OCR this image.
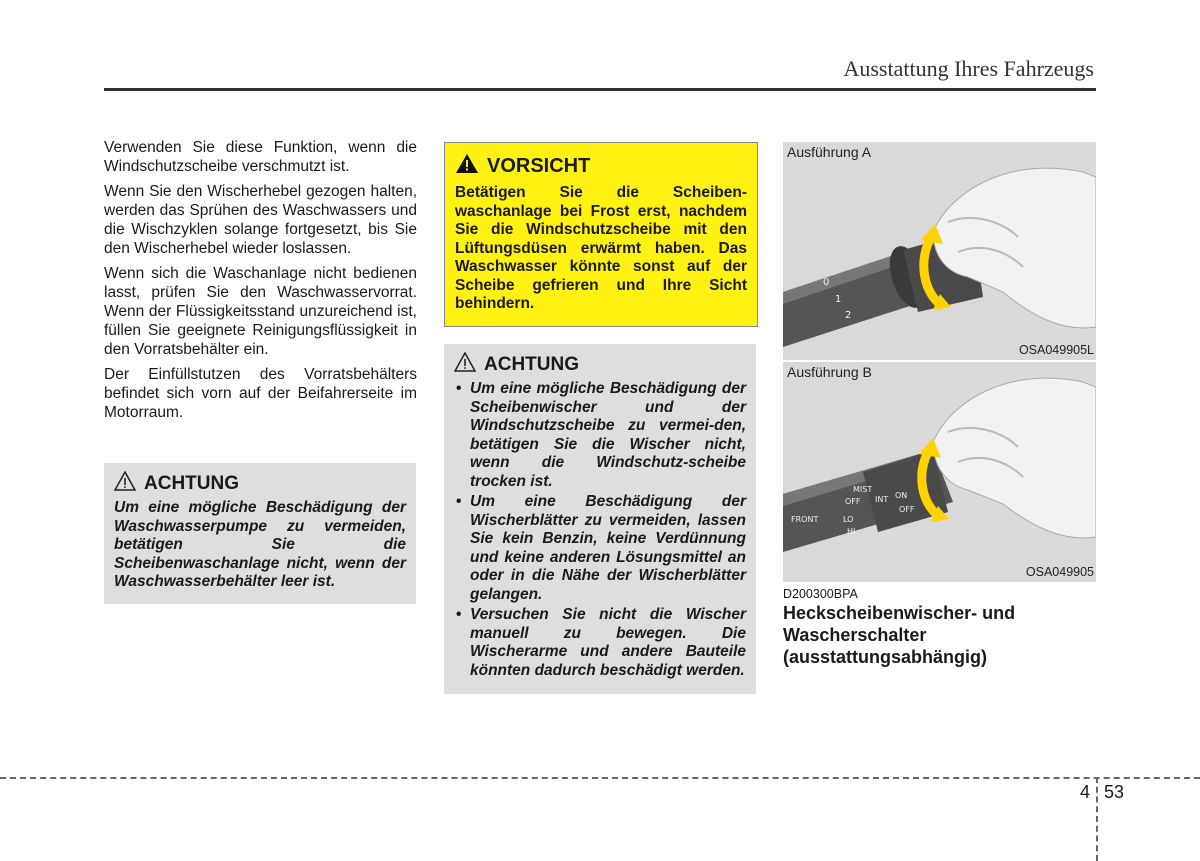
Ausstattung Ihres Fahrzeugs

Verwenden Sie diese Funktion, wenn die Windschutzscheibe verschmutzt ist.

Wenn Sie den Wischerhebel gezogen halten, werden das Sprühen des Waschwassers und die Wischzyklen solange fortgesetzt, bis Sie den Wischerhebel wieder loslassen.

Wenn sich die Waschanlage nicht bedienen lasst, prüfen Sie den Waschwasservorrat. Wenn der Flüssigkeitsstand unzureichend ist, füllen Sie geeignete Reinigungsflüssigkeit in den Vorratsbehälter ein.

Der Einfüllstutzen des Vorratsbehälters befindet sich vorn auf der Beifahrerseite im Motorraum.

ACHTUNG
Um eine mögliche Beschädigung der Waschwasserpumpe zu vermeiden, betätigen Sie die Scheibenwaschanlage nicht, wenn der Waschwasserbehälter leer ist.
VORSICHT
Betätigen Sie die Scheiben-waschanlage bei Frost erst, nachdem Sie die Windschutzscheibe mit den Lüftungsdüsen erwärmt haben. Das Waschwasser könnte sonst auf der Scheibe gefrieren und Ihre Sicht behindern.
ACHTUNG
• Um eine mögliche Beschädigung der Scheibenwischer und der Windschutzscheibe zu vermei-den, betätigen Sie die Wischer nicht, wenn die Windschutz-scheibe trocken ist.
• Um eine Beschädigung der Wischerblätter zu vermeiden, lassen Sie kein Benzin, keine Verdünnung und keine anderen Lösungsmittel an oder in die Nähe der Wischerblätter gelangen.
• Versuchen Sie nicht die Wischer manuell zu bewegen. Die Wischerarme und andere Bauteile könnten dadurch beschädigt werden.
0
1
2
Ausführung A
OSA049905L
MIST
OFF INT
LO
HI
ON
OFF
FRONT
Ausführung B
OSA049905
D200300BPA
Heckscheibenwischer- und Wascherschalter (ausstattungsabhängig)
4 53
